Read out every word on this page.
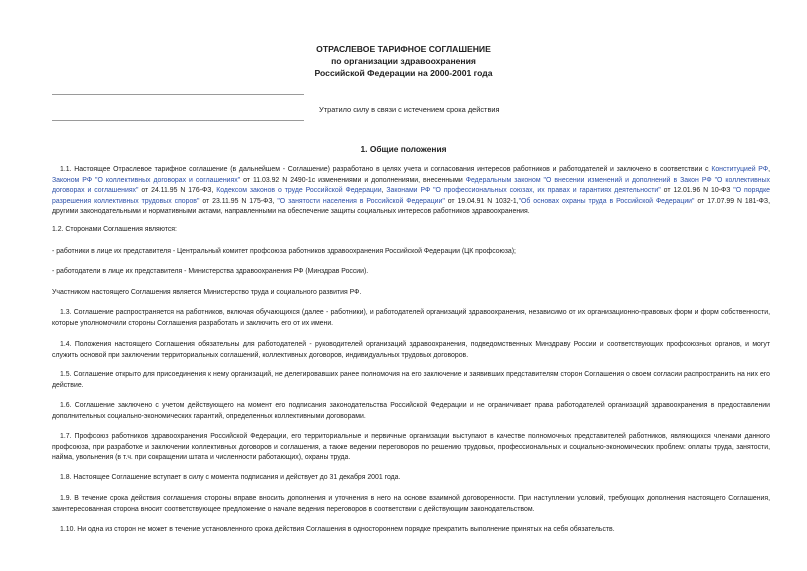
ОТРАСЛЕВОЕ ТАРИФНОЕ СОГЛАШЕНИЕ
по организации здравоохранения
Российской Федерации на 2000-2001 года
Утратило силу в связи с истечением срока действия
1. Общие положения

1.1. Настоящее Отраслевое тарифное соглашение (в дальнейшем - Соглашение) разработано в целях учета и согласования интересов работников и работодателей и заключено в соответствии с Конституцией РФ, Законом РФ "О коллективных договорах и соглашениях" от 11.03.92 N 2490-1с изменениями и дополнениями, внесенными Федеральным законом "О внесении изменений и дополнений в Закон РФ "О коллективных договорах и соглашениях" от 24.11.95 N 176-ФЗ, Кодексом законов о труде Российской Федерации, Законами РФ "О профессиональных союзах, их правах и гарантиях деятельности" от 12.01.96 N 10-ФЗ "О порядке разрешения коллективных трудовых споров" от 23.11.95 N 175-ФЗ, "О занятости населения в Российской Федерации" от 19.04.91 N 1032-1,"Об основах охраны труда в Российской Федерации" от 17.07.99 N 181-ФЗ, другими законодательными и нормативными актами, направленными на обеспечение защиты социальных интересов работников здравоохранения.

1.2. Сторонами Соглашения являются:

- работники в лице их представителя - Центральный комитет профсоюза работников здравоохранения Российской Федерации (ЦК профсоюза);

- работодатели в лице их представителя - Министерства здравоохранения РФ (Минздрав России).

Участником настоящего Соглашения является Министерство труда и социального развития РФ.

1.3. Соглашение распространяется на работников, включая обучающихся (далее - работники), и работодателей организаций здравоохранения, независимо от их организационно-правовых форм и форм собственности, которые уполномочили стороны Соглашения разработать и заключить его от их имени.

1.4. Положения настоящего Соглашения обязательны для работодателей - руководителей организаций здравоохранения, подведомственных Минздраву России и соответствующих профсоюзных органов, и могут служить основой при заключении территориальных соглашений, коллективных договоров, индивидуальных трудовых договоров.

1.5. Соглашение открыто для присоединения к нему организаций, не делегировавших ранее полномочия на его заключение и заявивших представителям сторон Соглашения о своем согласии распространить на них его действие.

1.6. Соглашение заключено с учетом действующего на момент его подписания законодательства Российской Федерации и не ограничивает права работодателей организаций здравоохранения в предоставлении дополнительных социально-экономических гарантий, определенных коллективными договорами.

1.7. Профсоюз работников здравоохранения Российской Федерации, его территориальные и первичные организации выступают в качестве полномочных представителей работников, являющихся членами данного профсоюза, при разработке и заключении коллективных договоров и соглашения, а также ведении переговоров по решению трудовых, профессиональных и социально-экономических проблем: оплаты труда, занятости, найма, увольнения (в т.ч. при сокращении штата и численности работающих), охраны труда.

1.8. Настоящее Соглашение вступает в силу с момента подписания и действует до 31 декабря 2001 года.

1.9. В течение срока действия соглашения стороны вправе вносить дополнения и уточнения в него на основе взаимной договоренности. При наступлении условий, требующих дополнения настоящего Соглашения, заинтересованная сторона вносит соответствующее предложение о начале ведения переговоров в соответствии с действующим законодательством.

1.10. Ни одна из сторон не может в течение установленного срока действия Соглашения в одностороннем порядке прекратить выполнение принятых на себя обязательств.
